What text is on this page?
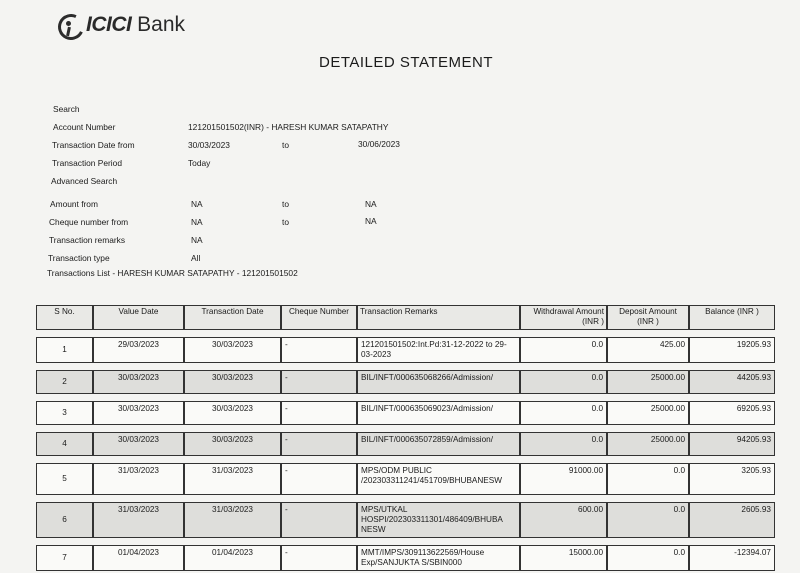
ICICI Bank
DETAILED STATEMENT
Search
Account Number	121201501502(INR) - HARESH KUMAR SATAPATHY
Transaction Date from	30/03/2023	to	30/06/2023
Transaction Period	Today
Advanced Search
Amount from	NA	to	NA
Cheque number from	NA	to	NA
Transaction remarks	NA
Transaction type	All
Transactions List - HARESH KUMAR SATAPATHY - 121201501502
S No.	Value Date	Transaction Date	Cheque Number	Transaction Remarks	Withdrawal Amount (INR )	Deposit Amount (INR )	Balance (INR )

1	29/03/2023	30/03/2023	-	121201501502:Int.Pd:31-12-2022 to 29-03-2023	0.0	425.00	19205.93

2	30/03/2023	30/03/2023	-	BIL/INFT/000635068266/Admission/	0.0	25000.00	44205.93

3	30/03/2023	30/03/2023	-	BIL/INFT/000635069023/Admission/	0.0	25000.00	69205.93

4	30/03/2023	30/03/2023	-	BIL/INFT/000635072859/Admission/	0.0	25000.00	94205.93

5	31/03/2023	31/03/2023	-	MPS/ODM PUBLIC /202303311241/451709/BHUBANESW	91000.00	0.0	3205.93

6	31/03/2023	31/03/2023	-	MPS/UTKAL HOSPI/202303311301/486409/BHUBA NESW	600.00	0.0	2605.93

7	01/04/2023	01/04/2023	-	MMT/IMPS/309113622569/House Exp/SANJUKTA S/SBIN000	15000.00	0.0	-12394.07
